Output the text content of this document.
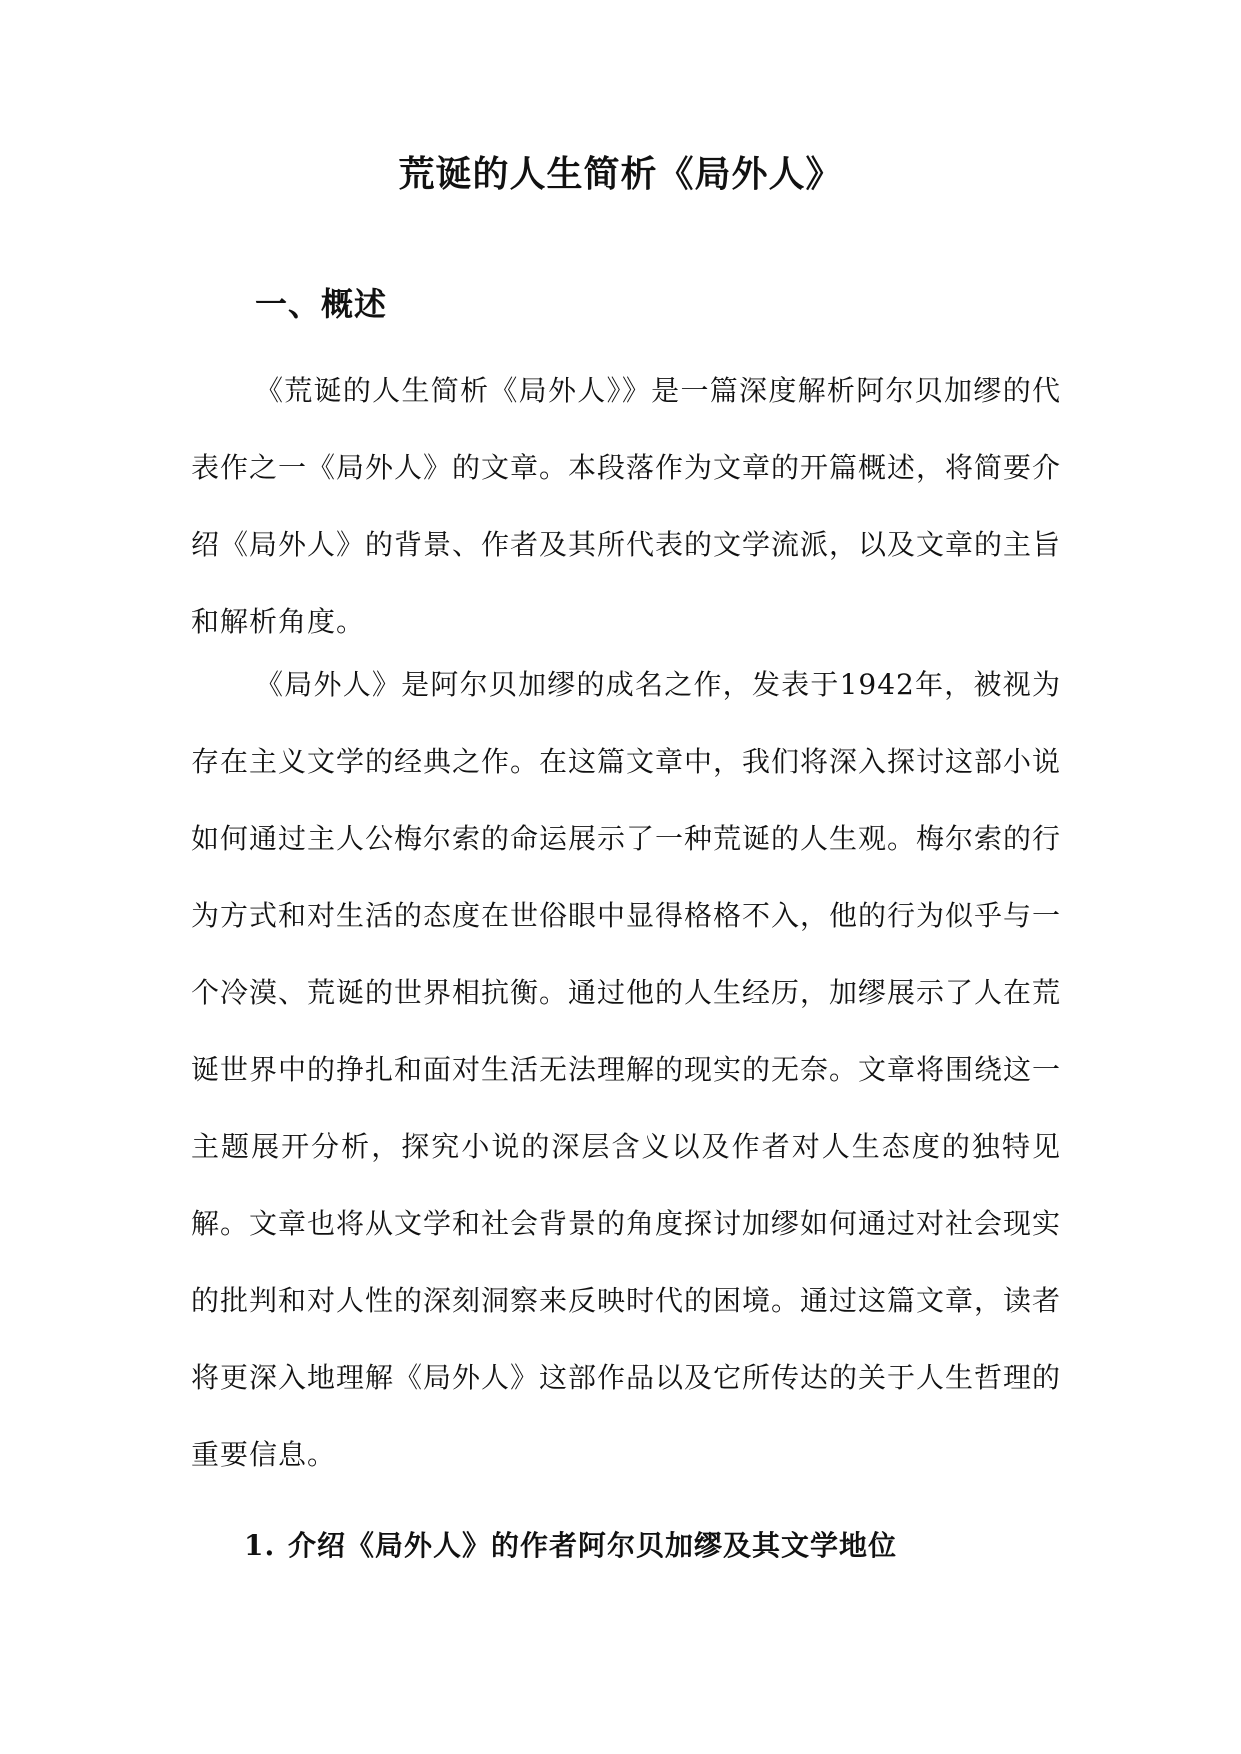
荒诞的人生简析《局外人》
一、概述

《荒诞的人生简析《局外人》》是一篇深度解析阿尔贝加缪的代表作之一《局外人》的文章。本段落作为文章的开篇概述，将简要介绍《局外人》的背景、作者及其所代表的文学流派，以及文章的主旨和解析角度。

《局外人》是阿尔贝加缪的成名之作，发表于1942年，被视为存在主义文学的经典之作。在这篇文章中，我们将深入探讨这部小说如何通过主人公梅尔索的命运展示了一种荒诞的人生观。梅尔索的行为方式和对生活的态度在世俗眼中显得格格不入，他的行为似乎与一个冷漠、荒诞的世界相抗衡。通过他的人生经历，加缪展示了人在荒诞世界中的挣扎和面对生活无法理解的现实的无奈。文章将围绕这一主题展开分析，探究小说的深层含义以及作者对人生态度的独特见解。文章也将从文学和社会背景的角度探讨加缪如何通过对社会现实的批判和对人性的深刻洞察来反映时代的困境。通过这篇文章，读者将更深入地理解《局外人》这部作品以及它所传达的关于人生哲理的重要信息。

1. 介绍《局外人》的作者阿尔贝加缪及其文学地位
